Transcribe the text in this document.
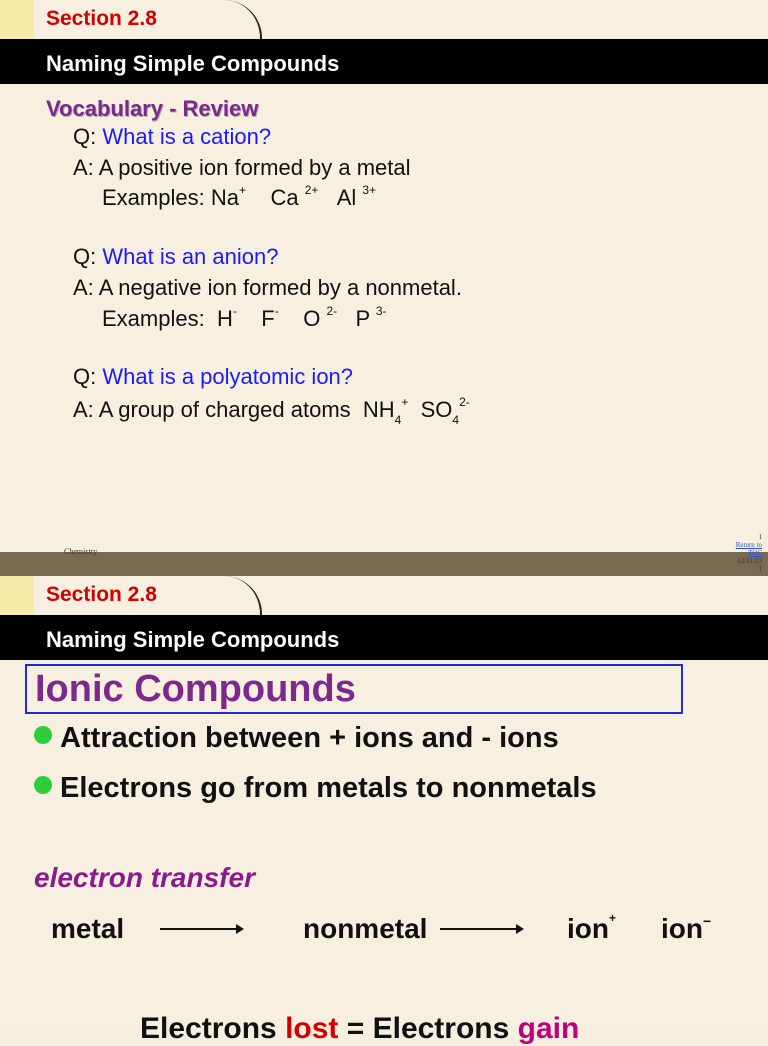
Section 2.8
Naming Simple Compounds
Vocabulary - Review
Q: What is a cation?
A: A positive ion formed by a metal
Examples: Na+ Ca $^{2+}$ Al $^{3+}$
Q: What is an anion?
A: A negative ion formed by a nonmetal.
Examples: H- F- O $^{2-}$ P $^{3-}$
Q: What is a polyatomic ion?
A: A group of charged atoms $NH_4^+$ $SO_4^{2-}$
Chemistry
1
Return to TOC
12/11/23
1
Section 2.8
Naming Simple Compounds
Ionic Compounds
Attraction between + ions and - ions
Electrons go from metals to nonmetals
electron transfer
metal	nonmetal	ion+ ion−
Electrons lost = Electrons gain
